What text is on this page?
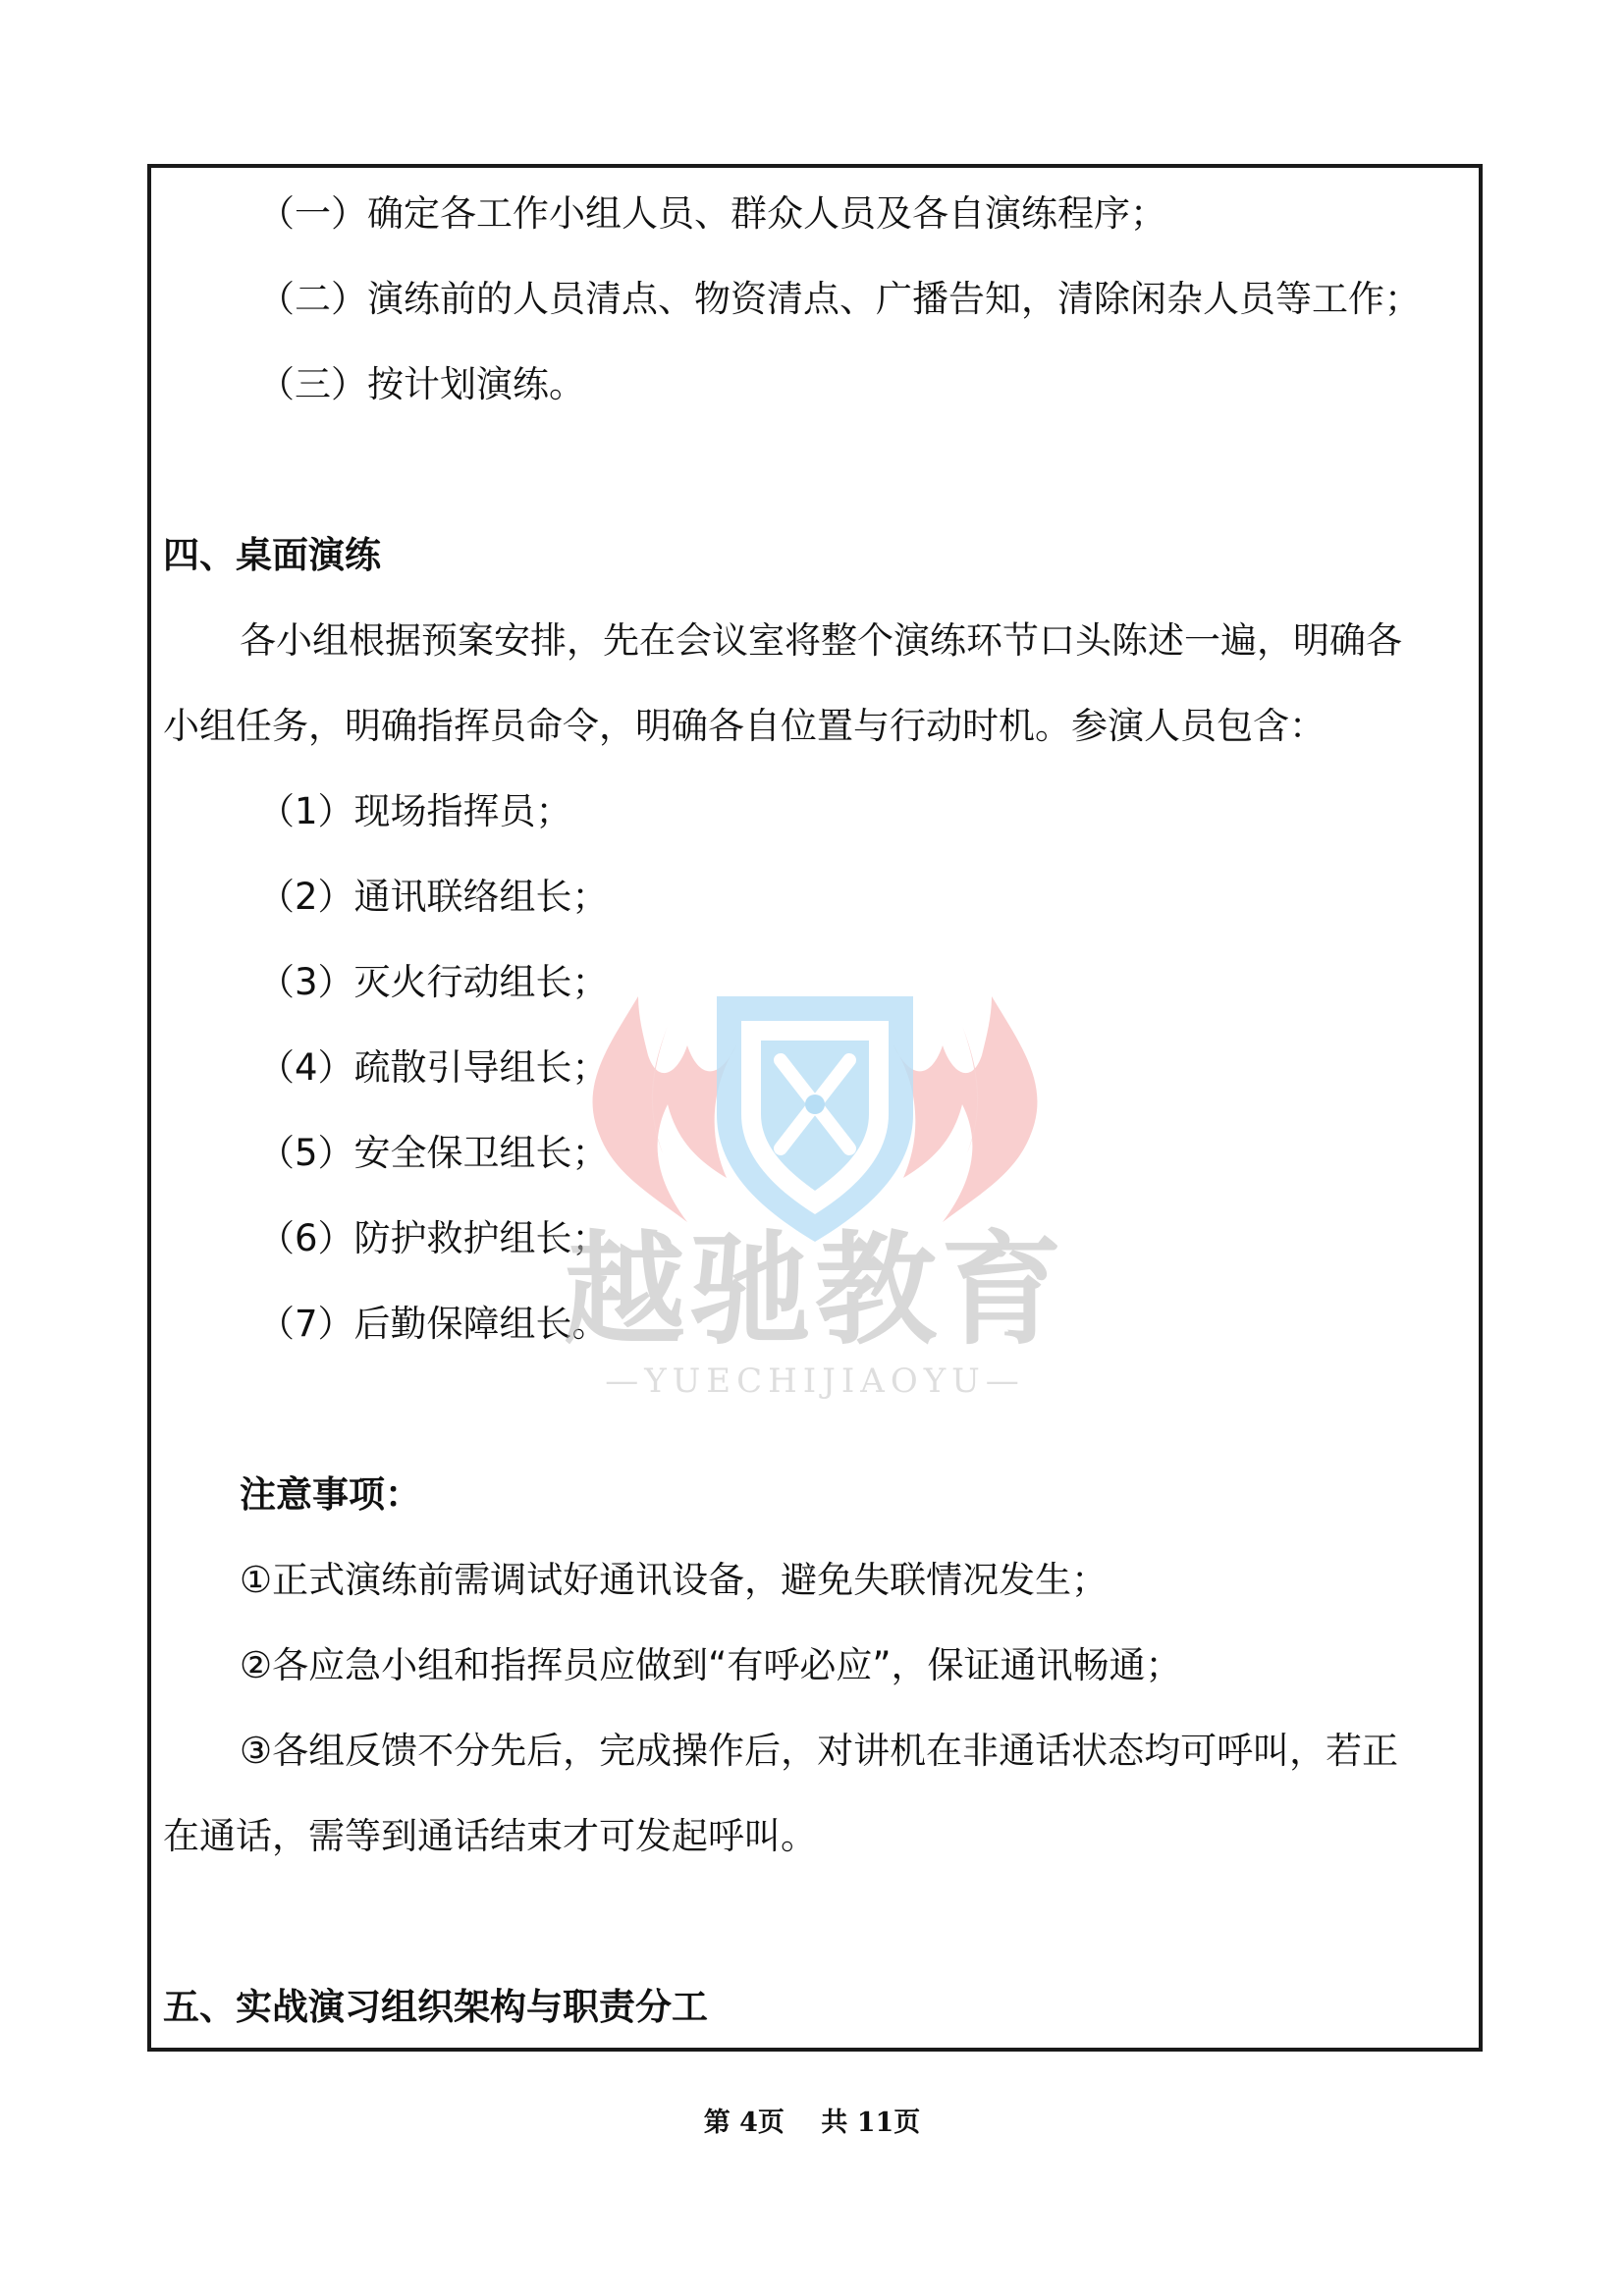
（一）确定各工作小组人员、群众人员及各自演练程序；
（二）演练前的人员清点、物资清点、广播告知，清除闲杂人员等工作；
（三）按计划演练。
四、桌面演练
各小组根据预案安排，先在会议室将整个演练环节口头陈述一遍，明确各
小组任务，明确指挥员命令，明确各自位置与行动时机。参演人员包含：
（1）现场指挥员；
（2）通讯联络组长；
（3）灭火行动组长；
（4）疏散引导组长；
（5）安全保卫组长；
（6）防护救护组长；
（7）后勤保障组长。
注意事项：
①正式演练前需调试好通讯设备，避免失联情况发生；
②各应急小组和指挥员应做到“有呼必应”，保证通讯畅通；
③各组反馈不分先后，完成操作后，对讲机在非通话状态均可呼叫，若正
在通话，需等到通话结束才可发起呼叫。
五、实战演习组织架构与职责分工
越驰教育
—YUECHIJIAOYU—
第 4页 共 11页
